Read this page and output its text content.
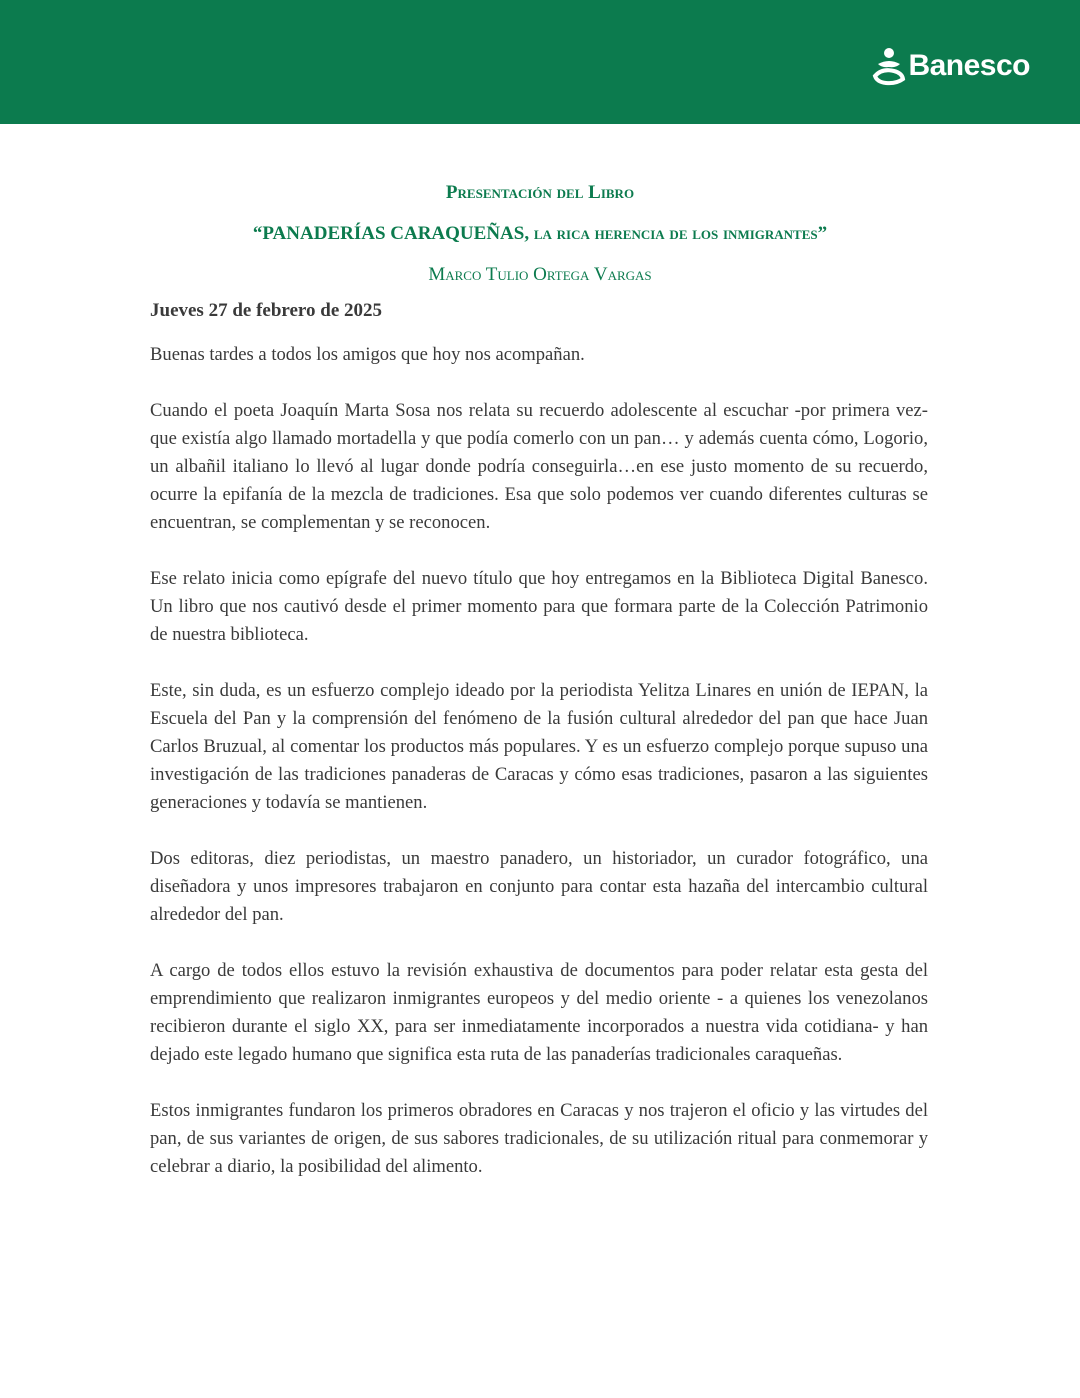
Banesco

Presentación del Libro

“PANADERÍAS CARAQUEÑAS, la rica herencia de los inmigrantes”

Marco Tulio Ortega Vargas

Jueves 27 de febrero de 2025

Buenas tardes a todos los amigos que hoy nos acompañan.

Cuando el poeta Joaquín Marta Sosa nos relata su recuerdo adolescente al escuchar -por primera vez- que existía algo llamado mortadella y que podía comerlo con un pan… y además cuenta cómo, Logorio, un albañil italiano lo llevó al lugar donde podría conseguirla…en ese justo momento de su recuerdo, ocurre la epifanía de la mezcla de tradiciones. Esa que solo podemos ver cuando diferentes culturas se encuentran, se complementan y se reconocen.

Ese relato inicia como epígrafe del nuevo título que hoy entregamos en la Biblioteca Digital Banesco. Un libro que nos cautivó desde el primer momento para que formara parte de la Colección Patrimonio de nuestra biblioteca.

Este, sin duda, es un esfuerzo complejo ideado por la periodista Yelitza Linares en unión de IEPAN, la Escuela del Pan y la comprensión del fenómeno de la fusión cultural alrededor del pan que hace Juan Carlos Bruzual, al comentar los productos más populares. Y es un esfuerzo complejo porque supuso una investigación de las tradiciones panaderas de Caracas y cómo esas tradiciones, pasaron a las siguientes generaciones y todavía se mantienen.

Dos editoras, diez periodistas, un maestro panadero, un historiador, un curador fotográfico, una diseñadora y unos impresores trabajaron en conjunto para contar esta hazaña del intercambio cultural alrededor del pan.

A cargo de todos ellos estuvo la revisión exhaustiva de documentos para poder relatar esta gesta del emprendimiento que realizaron inmigrantes europeos y del medio oriente - a quienes los venezolanos recibieron durante el siglo XX, para ser inmediatamente incorporados a nuestra vida cotidiana- y han dejado este legado humano que significa esta ruta de las panaderías tradicionales caraqueñas.

Estos inmigrantes fundaron los primeros obradores en Caracas y nos trajeron el oficio y las virtudes del pan, de sus variantes de origen, de sus sabores tradicionales, de su utilización ritual para conmemorar y celebrar a diario, la posibilidad del alimento.
